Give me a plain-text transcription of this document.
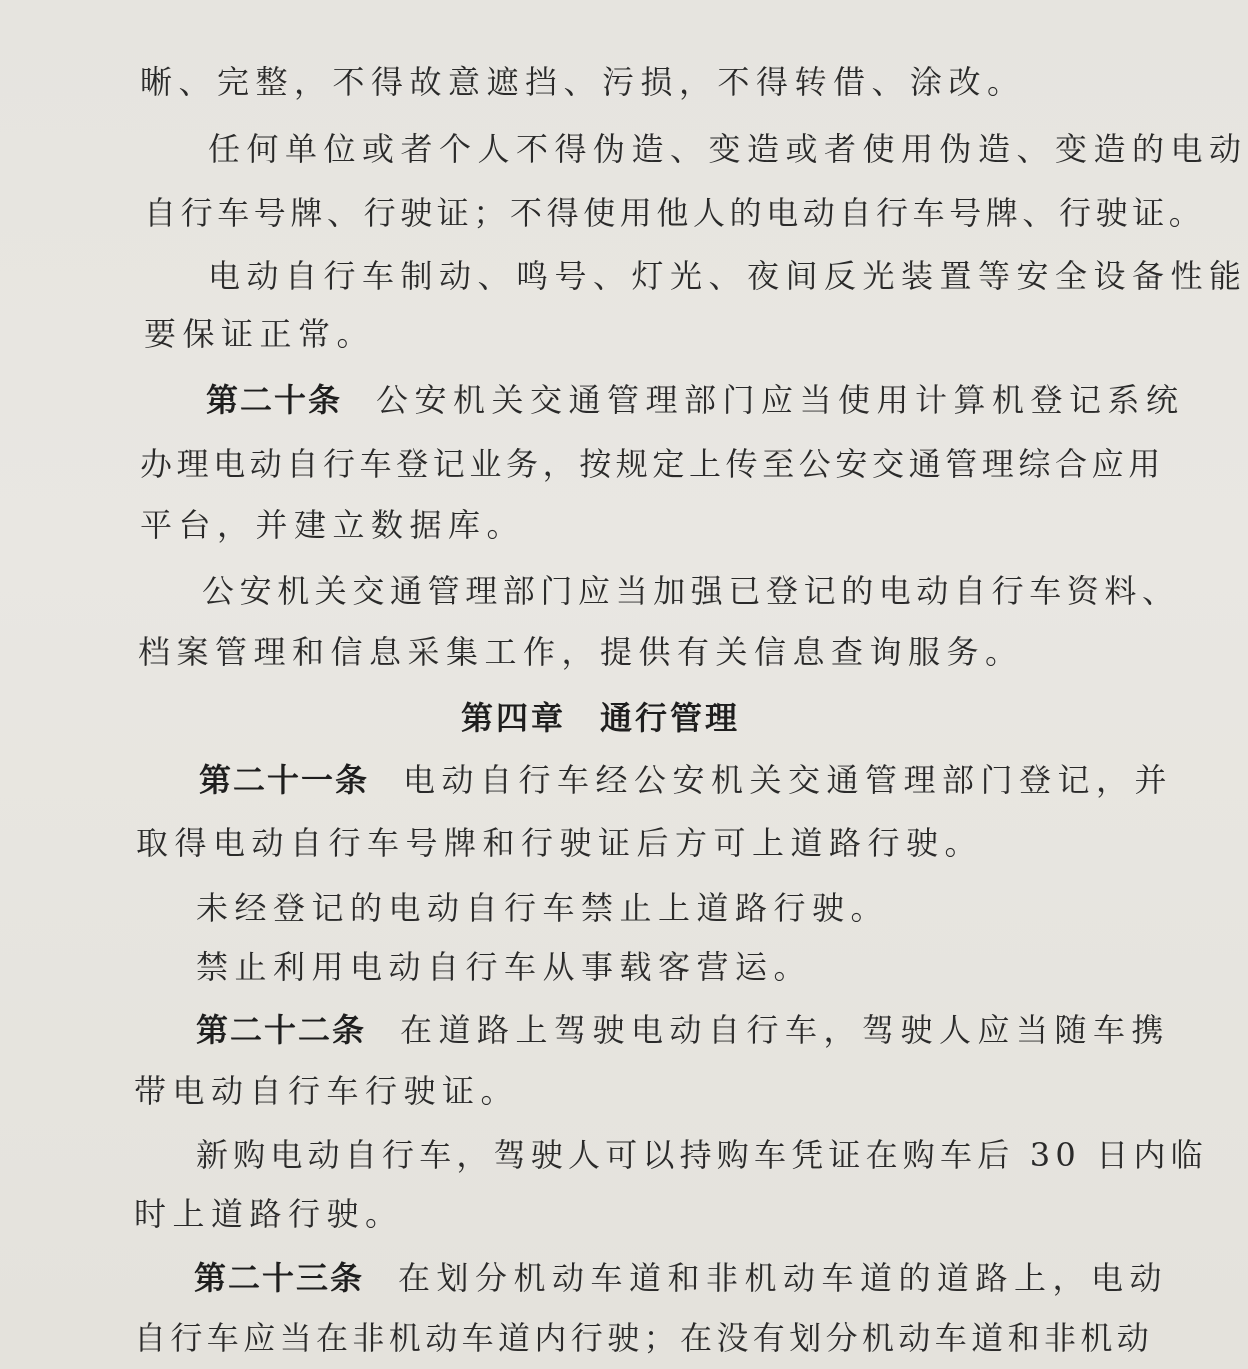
晰、完整，不得故意遮挡、污损，不得转借、涂改。
任何单位或者个人不得伪造、变造或者使用伪造、变造的电动
自行车号牌、行驶证；不得使用他人的电动自行车号牌、行驶证。
电动自行车制动、鸣号、灯光、夜间反光装置等安全设备性能
要保证正常。
第二十条 公安机关交通管理部门应当使用计算机登记系统
办理电动自行车登记业务，按规定上传至公安交通管理综合应用
平台，并建立数据库。
公安机关交通管理部门应当加强已登记的电动自行车资料、
档案管理和信息采集工作，提供有关信息查询服务。
第四章 通行管理
第二十一条 电动自行车经公安机关交通管理部门登记，并
取得电动自行车号牌和行驶证后方可上道路行驶。
未经登记的电动自行车禁止上道路行驶。
禁止利用电动自行车从事载客营运。
第二十二条 在道路上驾驶电动自行车，驾驶人应当随车携
带电动自行车行驶证。
新购电动自行车，驾驶人可以持购车凭证在购车后 30 日内临
时上道路行驶。
第二十三条 在划分机动车道和非机动车道的道路上，电动
自行车应当在非机动车道内行驶；在没有划分机动车道和非机动
